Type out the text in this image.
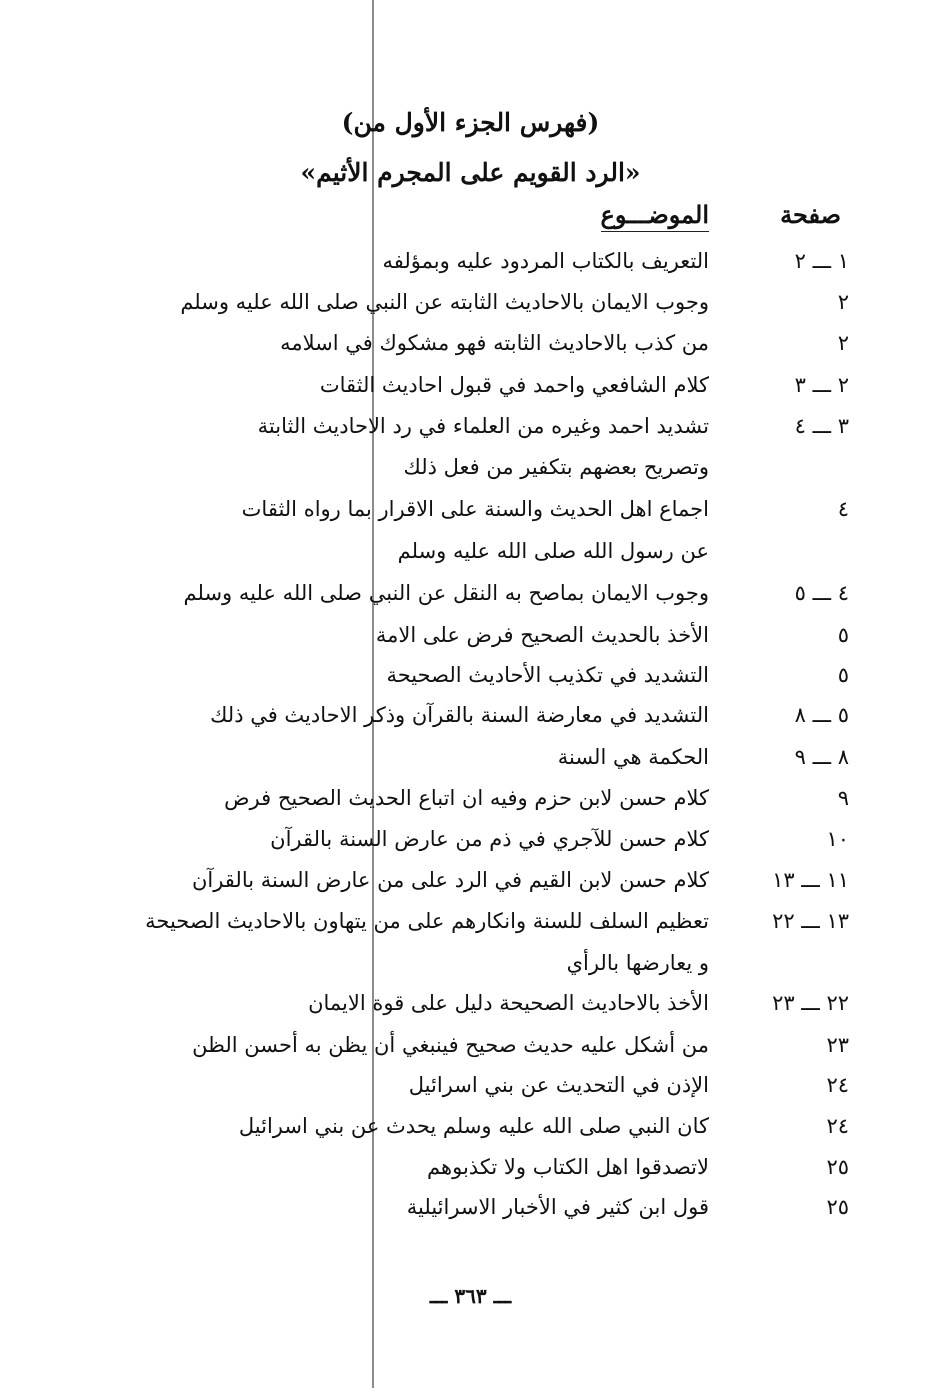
(فهرس الجزء الأول من)
«الرد القويم على المجرم الأثيم»
صفحة
الموضـــوع
١ ـــ ٢
التعريف بالكتاب المردود عليه وبمؤلفه
٢
وجوب الايمان بالاحاديث الثابته عن النبي صلى الله عليه وسلم
٢
من كذب بالاحاديث الثابته فهو مشكوك في اسلامه
٢ ـــ ٣
كلام الشافعي واحمد في قبول احاديث الثقات
٣ ـــ ٤
تشديد احمد وغيره من العلماء في رد الاحاديث الثابتة
وتصريح بعضهم بتكفير من فعل ذلك
٤
اجماع اهل الحديث والسنة على الاقرار بما رواه الثقات
عن رسول الله صلى الله عليه وسلم
٤ ـــ ٥
وجوب الايمان بماصح به النقل عن النبي صلى الله عليه وسلم
٥
الأخذ بالحديث الصحيح فرض على الامة
٥
التشديد في تكذيب الأحاديث الصحيحة
٥ ـــ ٨
التشديد في معارضة السنة بالقرآن وذكر الاحاديث في ذلك
٨ ـــ ٩
الحكمة هي السنة
٩
كلام حسن لابن حزم وفيه ان اتباع الحديث الصحيح فرض
١٠
كلام حسن للآجري في ذم من عارض السنة بالقرآن
١١ ـــ ١٣
كلام حسن لابن القيم في الرد على من عارض السنة بالقرآن
١٣ ـــ ٢٢
تعظيم السلف للسنة وانكارهم على من يتهاون بالاحاديث الصحيحة
و يعارضها بالرأي
٢٢ ـــ ٢٣
الأخذ بالاحاديث الصحيحة دليل على قوة الايمان
٢٣
من أشكل عليه حديث صحيح فينبغي أن يظن به أحسن الظن
٢٤
الإذن في التحديث عن بني اسرائيل
٢٤
كان النبي صلى الله عليه وسلم يحدث عن بني اسرائيل
٢٥
لاتصدقوا اهل الكتاب ولا تكذبوهم
٢٥
قول ابن كثير في الأخبار الاسرائيلية
ـــ ٣٦٣ ـــ
